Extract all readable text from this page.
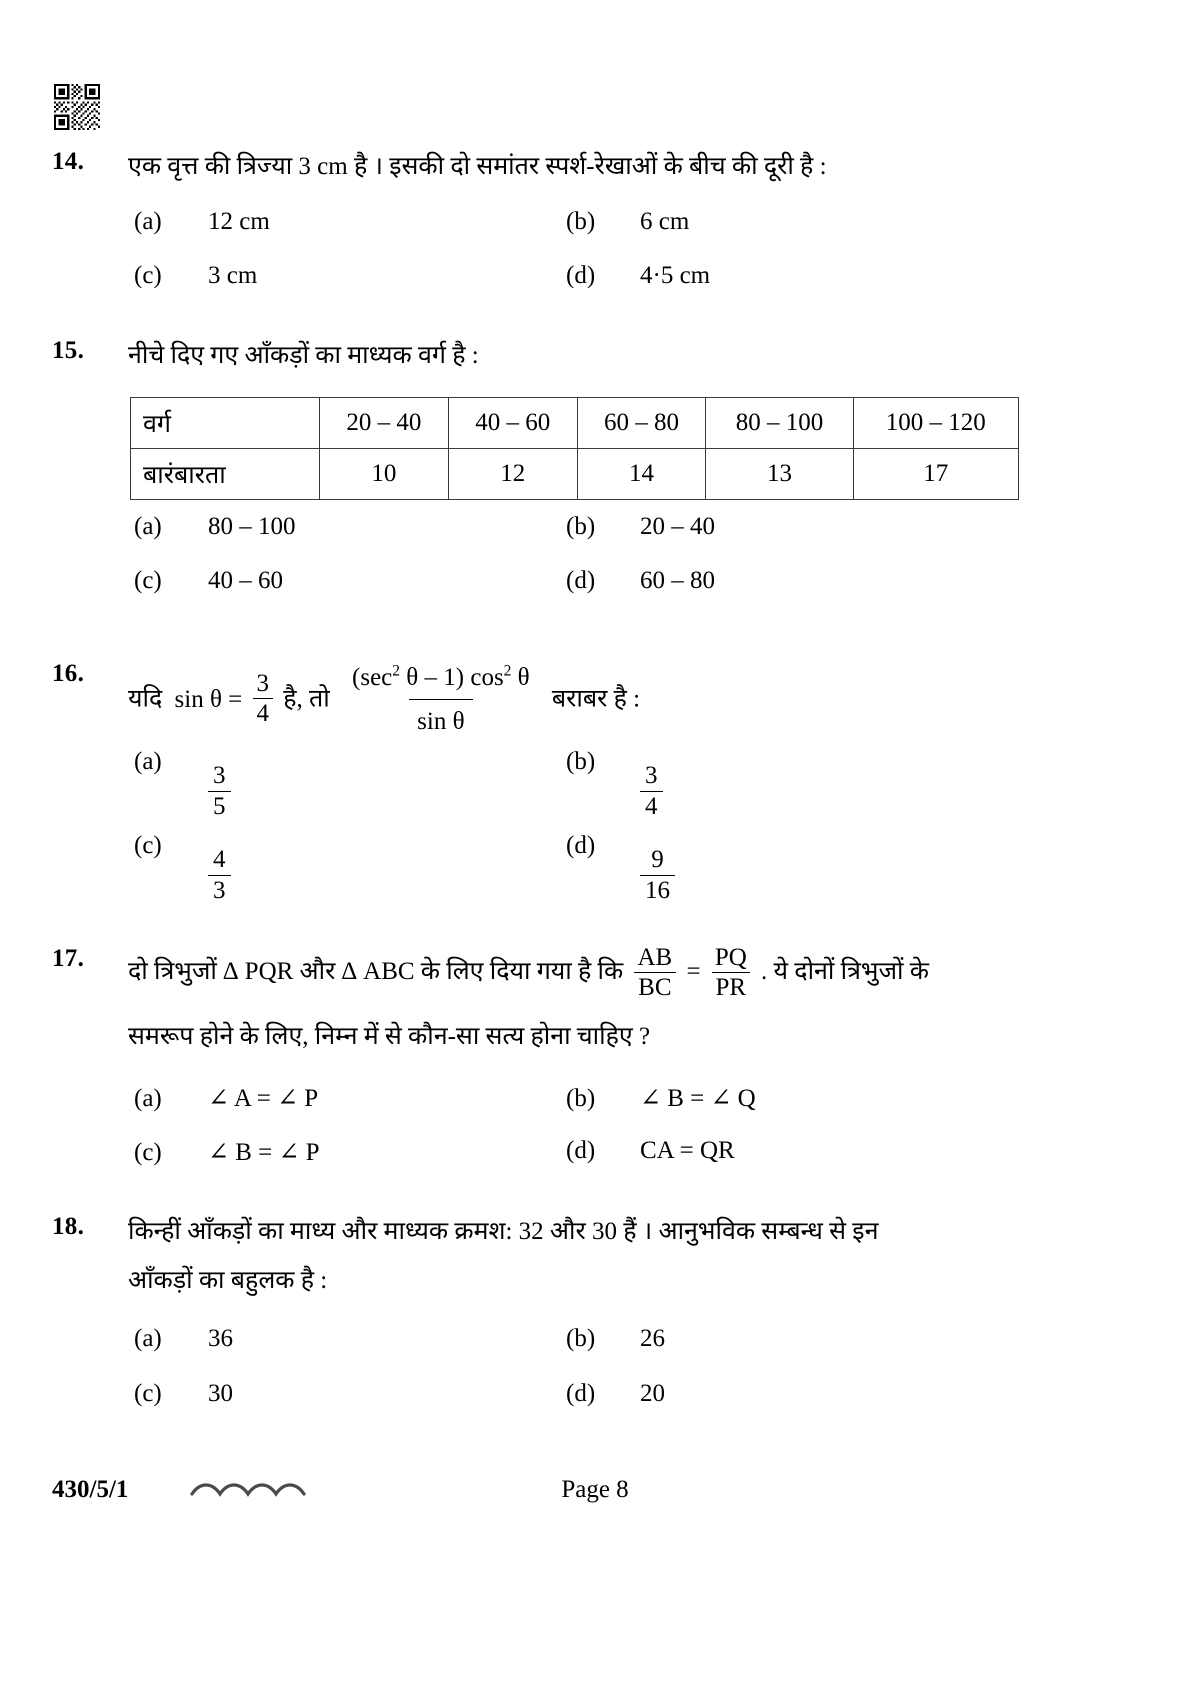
14. एक वृत्त की त्रिज्या 3 cm है । इसकी दो समांतर स्पर्श-रेखाओं के बीच की दूरी है :
(a)	12 cm	(b)	6 cm
(c)	3 cm	(d)	4·5 cm
15. नीचे दिए गए आँकड़ों का माध्यक वर्ग है :
वर्ग	20 – 40	40 – 60	60 – 80	80 – 100	100 – 120
बारंबारता	10	12	14	13	17
(a)	80 – 100	(b)	20 – 40
(c)	40 – 60	(d)	60 – 80
16.
यदि $\sin \theta = \frac{3}{4}$ है, तो $\frac{(\sec^2 \theta - 1) \cos^2 \theta}{\text{sin θ}}$ बराबर है :
(a)
$\frac{3}{5}$
(b)
$\frac{3}{4}$
(c)
$\frac{4}{3}$
(d)
$\frac{9}{16}$
17. दो त्रिभुजों ∆ PQR और ∆ ABC के लिए दिया गया है कि $\frac{AB}{BC} = \frac{PQ}{PR}$ . ये दोनों त्रिभुजों के
समरूप होने के लिए, निम्न में से कौन-सा सत्य होना चाहिए ?
(a)	∠ A = ∠ P	(b)	∠ B = ∠ Q
(c)	∠ B = ∠ P	(d)	CA = QR
18. किन्हीं आँकड़ों का माध्य और माध्यक क्रमश: 32 और 30 हैं । आनुभविक सम्बन्ध से इन
आँकड़ों का बहुलक है :
(a)	36	(b)	26
(c)	30	(d)	20
430/5/1	Page 8
